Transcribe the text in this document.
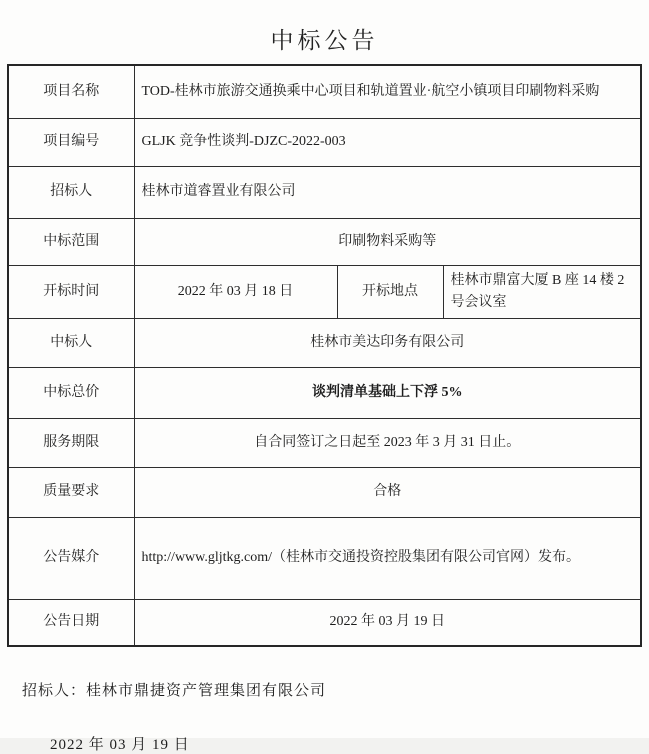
中标公告
项目名称	TOD-桂林市旅游交通换乘中心项目和轨道置业·航空小镇项目印刷物料采购		
项目编号	GLJK 竞争性谈判-DJZC-2022-003		
招标人	桂林市道睿置业有限公司		
中标范围	印刷物料采购等		
开标时间	2022 年 03 月 18 日	开标地点	桂林市鼎富大厦 B 座 14 楼 2 号会议室
中标人	桂林市美达印务有限公司		
中标总价	谈判清单基础上下浮 5%		
服务期限	自合同签订之日起至 2023 年 3 月 31 日止。		
质量要求	合格		
公告媒介	http://www.gljtkg.com/（桂林市交通投资控股集团有限公司官网）发布。		
公告日期	2022 年 03 月 19 日		
招标人：桂林市鼎捷资产管理集团有限公司
2022 年 03 月 19 日
